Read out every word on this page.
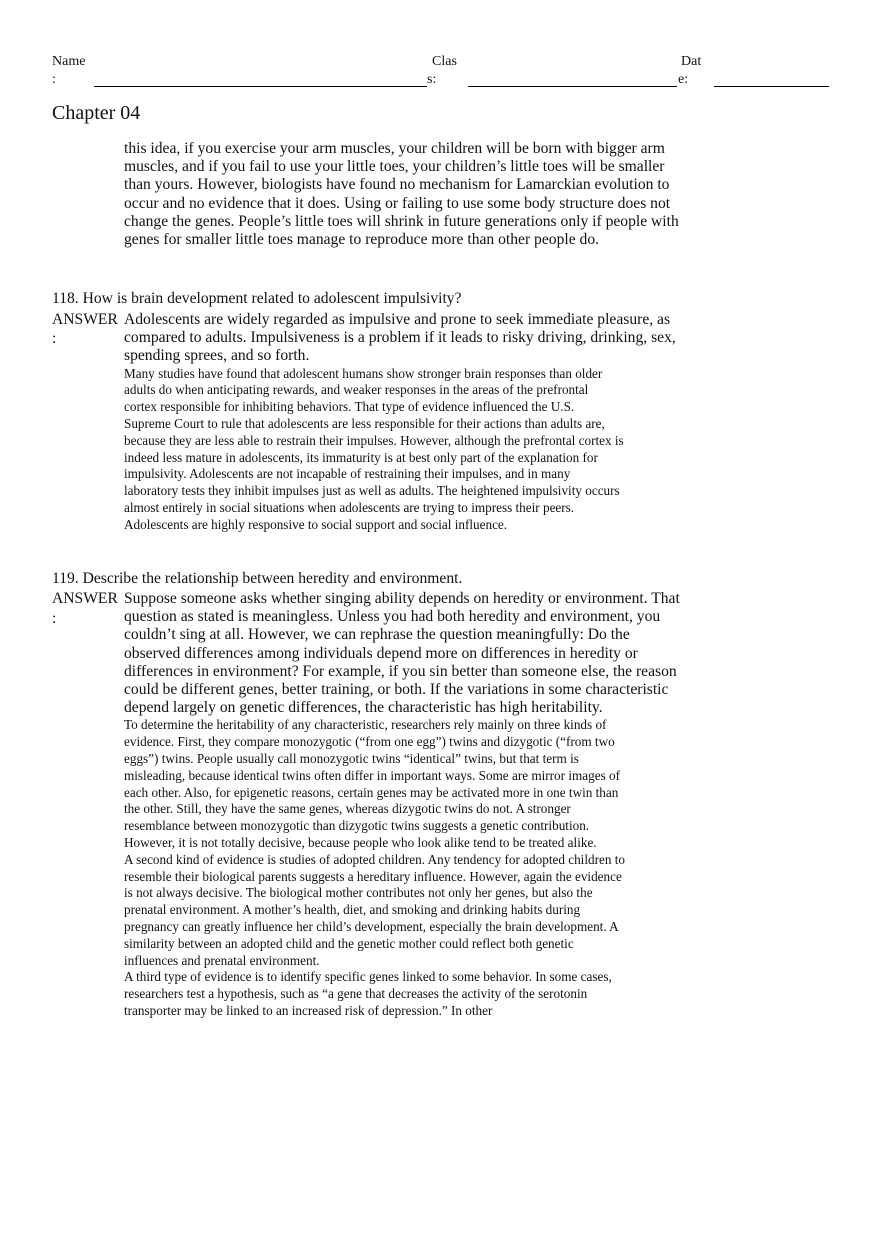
Name
:
Clas
s:
Dat
e:
Chapter 04

this idea, if you exercise your arm muscles, your children will be born with bigger arm muscles, and if you fail to use your little toes, your children’s little toes will be smaller than yours. However, biologists have found no mechanism for Lamarckian evolution to occur and no evidence that it does. Using or failing to use some body structure does not change the genes. People’s little toes will shrink in future generations only if people with genes for smaller little toes manage to reproduce more than other people do.

118. How is brain development related to adolescent impulsivity?
ANSWER
:

Adolescents are widely regarded as impulsive and prone to seek immediate pleasure, as compared to adults. Impulsiveness is a problem if it leads to risky driving, drinking, sex, spending sprees, and so forth.

Many studies have found that adolescent humans show stronger brain responses than older adults do when anticipating rewards, and weaker responses in the areas of the prefrontal cortex responsible for inhibiting behaviors. That type of evidence influenced the U.S. Supreme Court to rule that adolescents are less responsible for their actions than adults are, because they are less able to restrain their impulses. However, although the prefrontal cortex is indeed less mature in adolescents, its immaturity is at best only part of the explanation for impulsivity. Adolescents are not incapable of restraining their impulses, and in many laboratory tests they inhibit impulses just as well as adults. The heightened impulsivity occurs almost entirely in social situations when adolescents are trying to impress their peers. Adolescents are highly responsive to social support and social influence.

119. Describe the relationship between heredity and environment.
ANSWER
:

Suppose someone asks whether singing ability depends on heredity or environment. That question as stated is meaningless. Unless you had both heredity and environment, you couldn’t sing at all. However, we can rephrase the question meaningfully: Do the observed differences among individuals depend more on differences in heredity or differences in environment? For example, if you sin better than someone else, the reason could be different genes, better training, or both. If the variations in some characteristic depend largely on genetic differences, the characteristic has high heritability.

To determine the heritability of any characteristic, researchers rely mainly on three kinds of evidence. First, they compare monozygotic (“from one egg”) twins and dizygotic (“from two eggs”) twins. People usually call monozygotic twins “identical” twins, but that term is misleading, because identical twins often differ in important ways. Some are mirror images of each other. Also, for epigenetic reasons, certain genes may be activated more in one twin than the other. Still, they have the same genes, whereas dizygotic twins do not. A stronger resemblance between monozygotic than dizygotic twins suggests a genetic contribution. However, it is not totally decisive, because people who look alike tend to be treated alike.

A second kind of evidence is studies of adopted children. Any tendency for adopted children to resemble their biological parents suggests a hereditary influence. However, again the evidence is not always decisive. The biological mother contributes not only her genes, but also the prenatal environment. A mother’s health, diet, and smoking and drinking habits during pregnancy can greatly influence her child’s development, especially the brain development. A similarity between an adopted child and the genetic mother could reflect both genetic influences and prenatal environment.

A third type of evidence is to identify specific genes linked to some behavior. In some cases, researchers test a hypothesis, such as “a gene that decreases the activity of the serotonin transporter may be linked to an increased risk of depression.” In other
